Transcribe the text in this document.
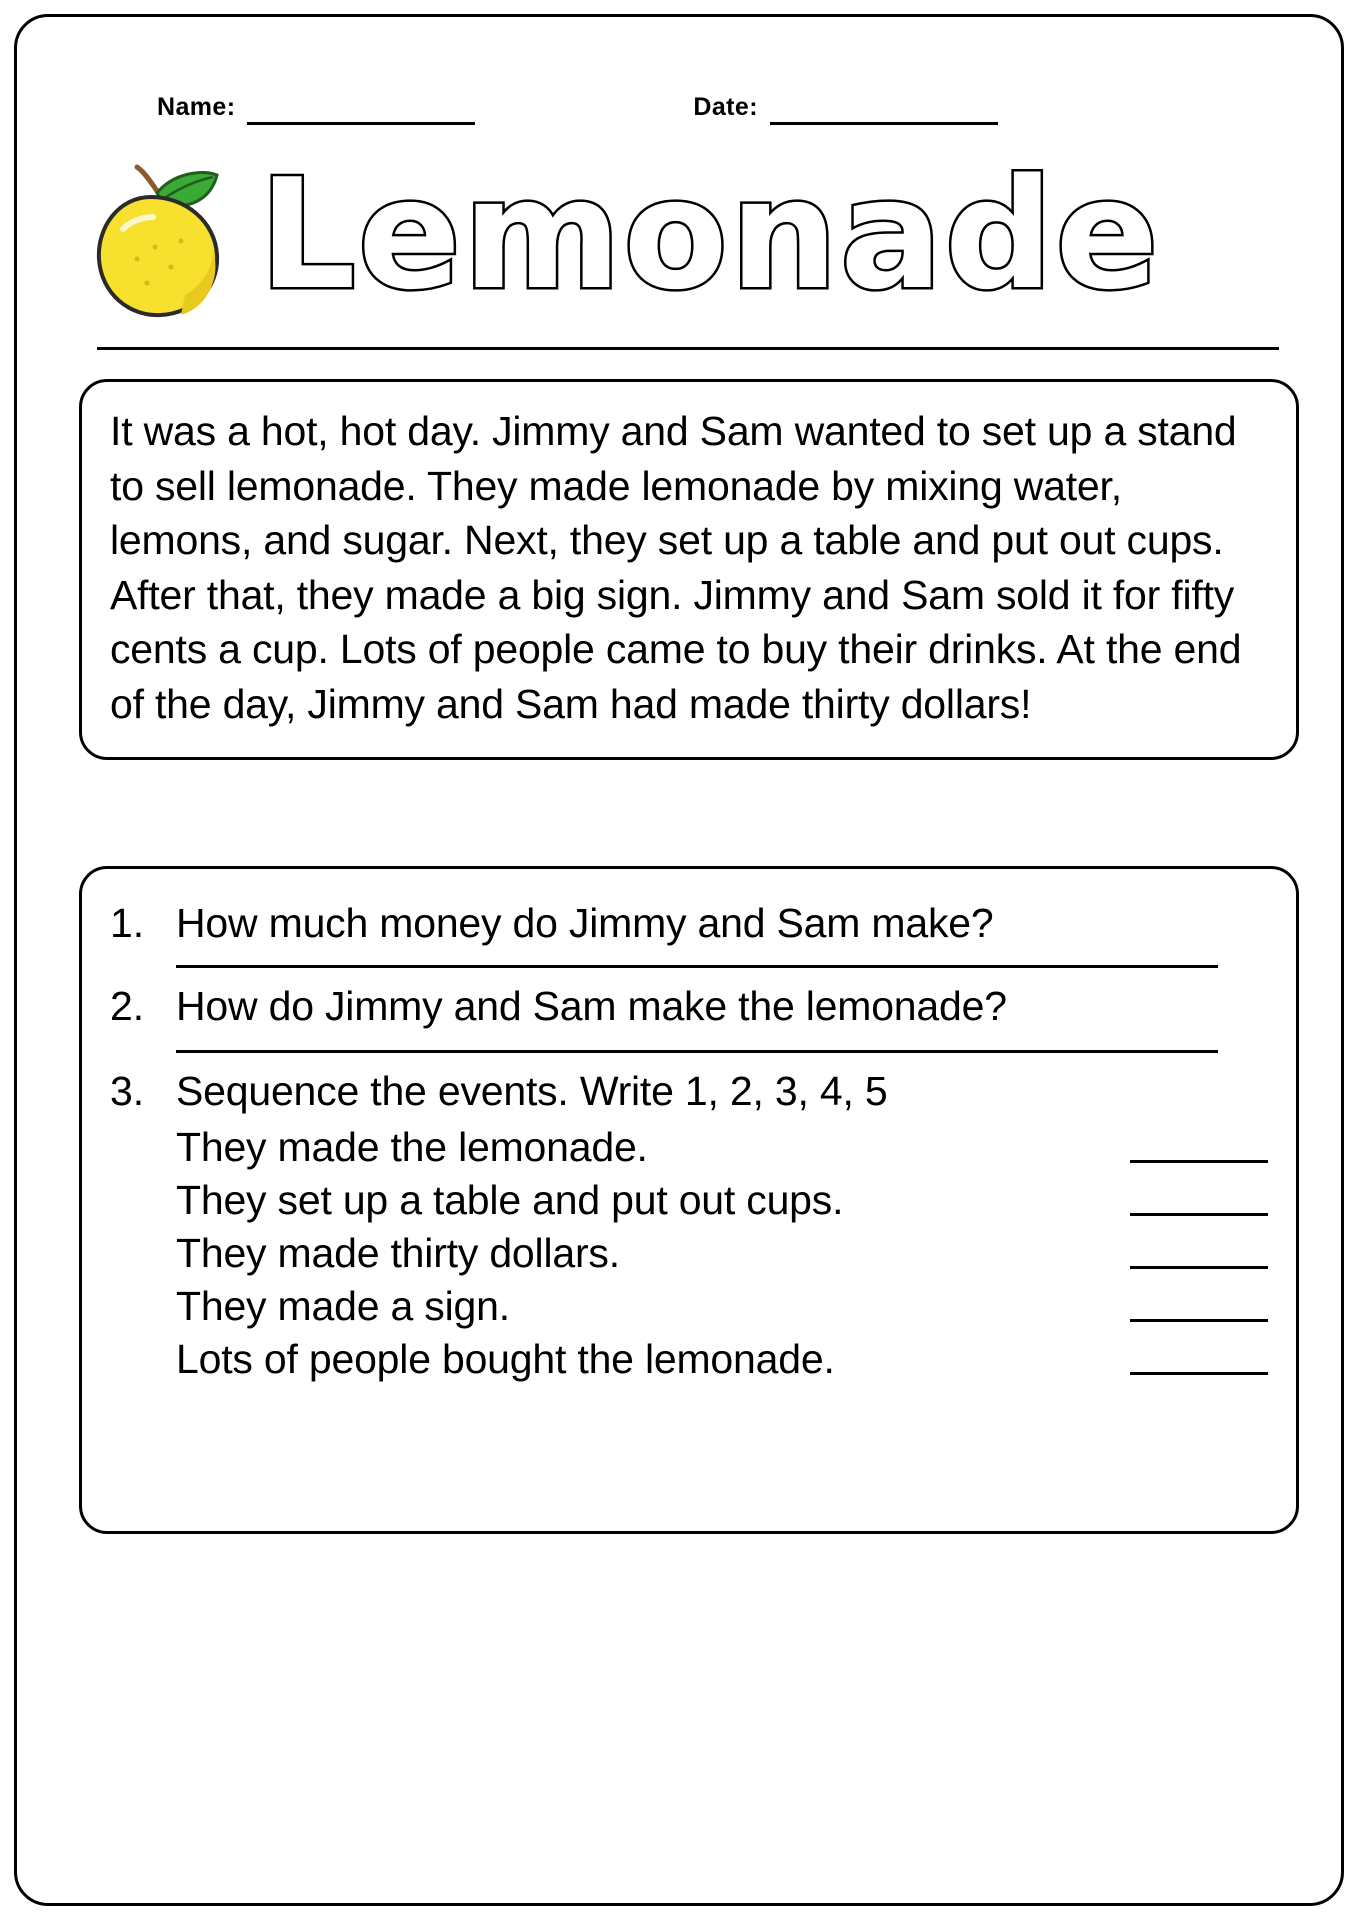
Name:	Date:
Lemonade

It was a hot, hot day. Jimmy and Sam wanted to set up a stand to sell lemonade. They made lemonade by mixing water, lemons, and sugar. Next, they set up a table and put out cups. After that, they made a big sign. Jimmy and Sam sold it for fifty cents a cup. Lots of people came to buy their drinks. At the end of the day, Jimmy and Sam had made thirty dollars!

1. How much money do Jimmy and Sam make?
2. How do Jimmy and Sam make the lemonade?
3. Sequence the events. Write 1, 2, 3, 4, 5
They made the lemonade.
They set up a table and put out cups.
They made thirty dollars.
They made a sign.
Lots of people bought the lemonade.
